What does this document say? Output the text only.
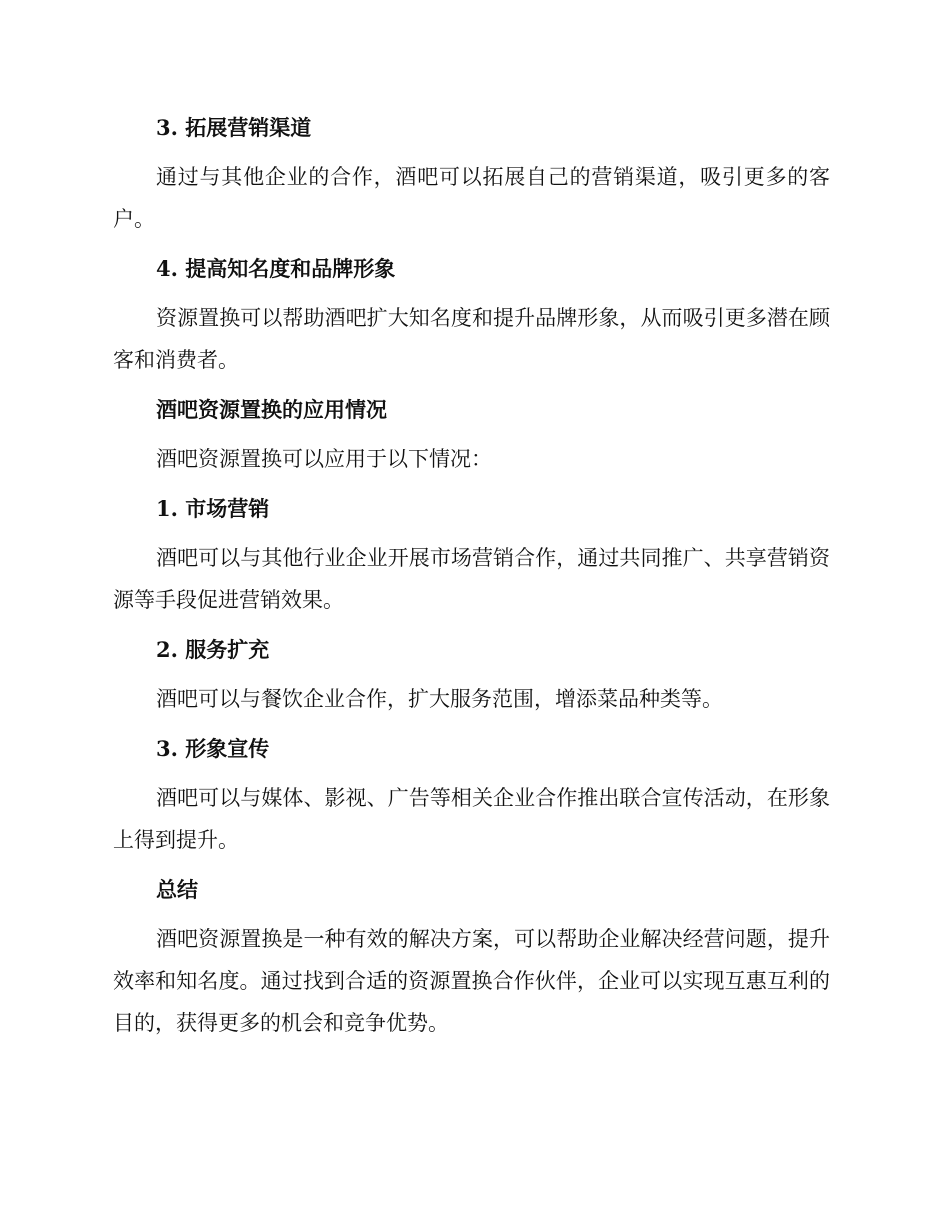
3. 拓展营销渠道

通过与其他企业的合作，酒吧可以拓展自己的营销渠道，吸引更多的客户。

4. 提高知名度和品牌形象

资源置换可以帮助酒吧扩大知名度和提升品牌形象，从而吸引更多潜在顾客和消费者。

酒吧资源置换的应用情况

酒吧资源置换可以应用于以下情况：

1. 市场营销

酒吧可以与其他行业企业开展市场营销合作，通过共同推广、共享营销资源等手段促进营销效果。

2. 服务扩充

酒吧可以与餐饮企业合作，扩大服务范围，增添菜品种类等。

3. 形象宣传

酒吧可以与媒体、影视、广告等相关企业合作推出联合宣传活动，在形象上得到提升。

总结

酒吧资源置换是一种有效的解决方案，可以帮助企业解决经营问题，提升效率和知名度。通过找到合适的资源置换合作伙伴，企业可以实现互惠互利的目的，获得更多的机会和竞争优势。
